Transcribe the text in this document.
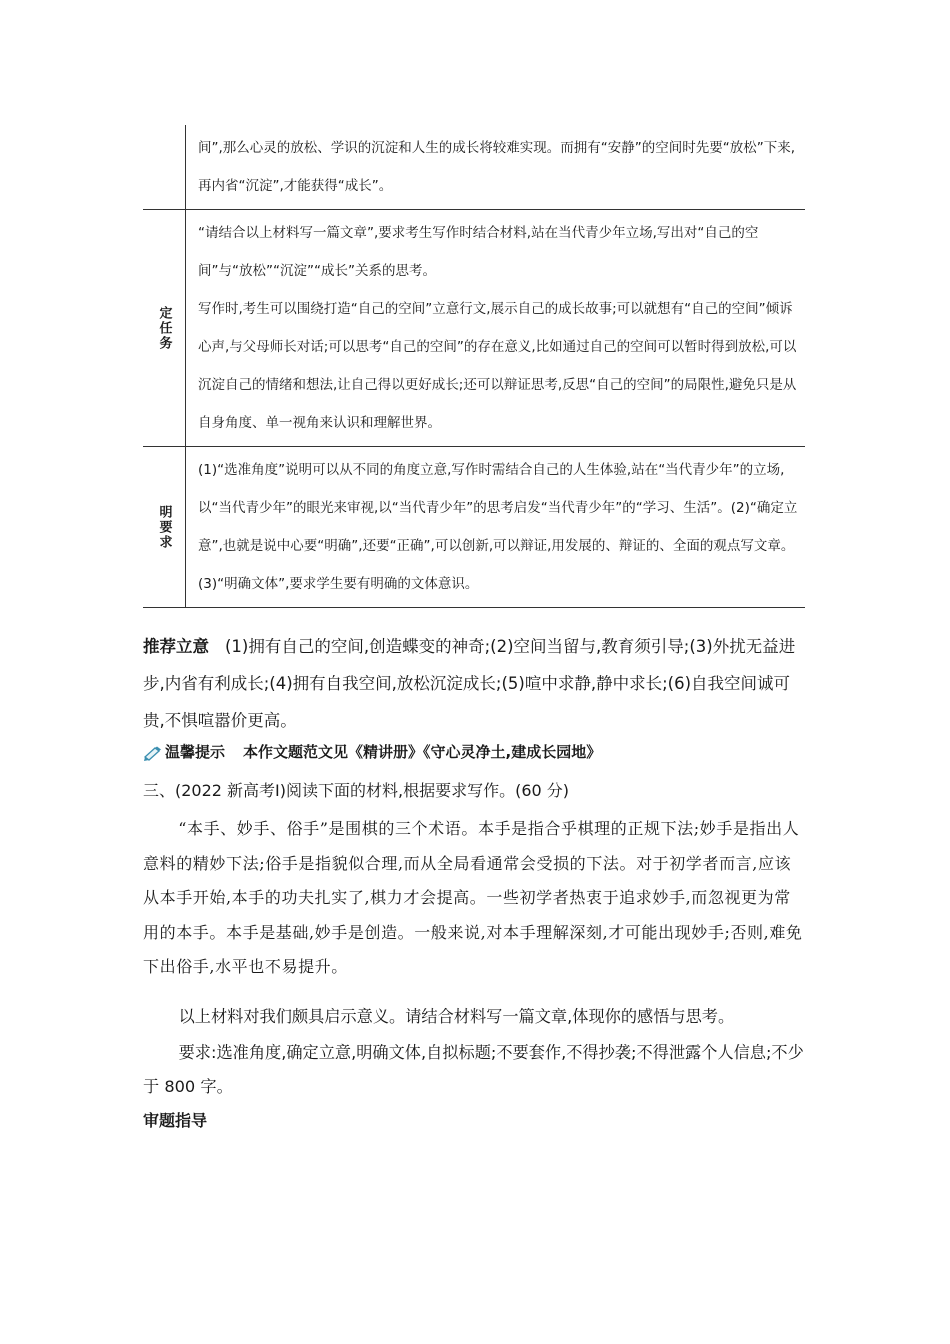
间”,那么心灵的放松、学识的沉淀和人生的成长将较难实现。而拥有“安静”的空间时先要“放松”下来,再内省“沉淀”,才能获得“成长”。

定任务

“请结合以上材料写一篇文章”,要求考生写作时结合材料,站在当代青少年立场,写出对“自己的空间”与“放松”“沉淀”“成长”关系的思考。

写作时,考生可以围绕打造“自己的空间”立意行文,展示自己的成长故事;可以就想有“自己的空间”倾诉心声,与父母师长对话;可以思考“自己的空间”的存在意义,比如通过自己的空间可以暂时得到放松,可以沉淀自己的情绪和想法,让自己得以更好成长;还可以辩证思考,反思“自己的空间”的局限性,避免只是从自身角度、单一视角来认识和理解世界。

明要求

(1)“选准角度”说明可以从不同的角度立意,写作时需结合自己的人生体验,站在“当代青少年”的立场,以“当代青少年”的眼光来审视,以“当代青少年”的思考启发“当代青少年”的“学习、生活”。(2)“确定立意”,也就是说中心要“明确”,还要“正确”,可以创新,可以辩证,用发展的、辩证的、全面的观点写文章。(3)“明确文体”,要求学生要有明确的文体意识。

推荐立意 (1)拥有自己的空间,创造蝶变的神奇;(2)空间当留与,教育须引导;(3)外扰无益进步,内省有利成长;(4)拥有自我空间,放松沉淀成长;(5)喧中求静,静中求长;(6)自我空间诚可贵,不惧喧嚣价更高。
温馨提示 本作文题范文见《精讲册》《守心灵净土,建成长园地》
三、(2022 新高考Ⅰ)阅读下面的材料,根据要求写作。(60 分)

“本手、妙手、俗手”是围棋的三个术语。本手是指合乎棋理的正规下法;妙手是指出人意料的精妙下法;俗手是指貌似合理,而从全局看通常会受损的下法。对于初学者而言,应该从本手开始,本手的功夫扎实了,棋力才会提高。一些初学者热衷于追求妙手,而忽视更为常用的本手。本手是基础,妙手是创造。一般来说,对本手理解深刻,才可能出现妙手;否则,难免下出俗手,水平也不易提升。

以上材料对我们颇具启示意义。请结合材料写一篇文章,体现你的感悟与思考。

要求:选准角度,确定立意,明确文体,自拟标题;不要套作,不得抄袭;不得泄露个人信息;不少于 800 字。

审题指导
